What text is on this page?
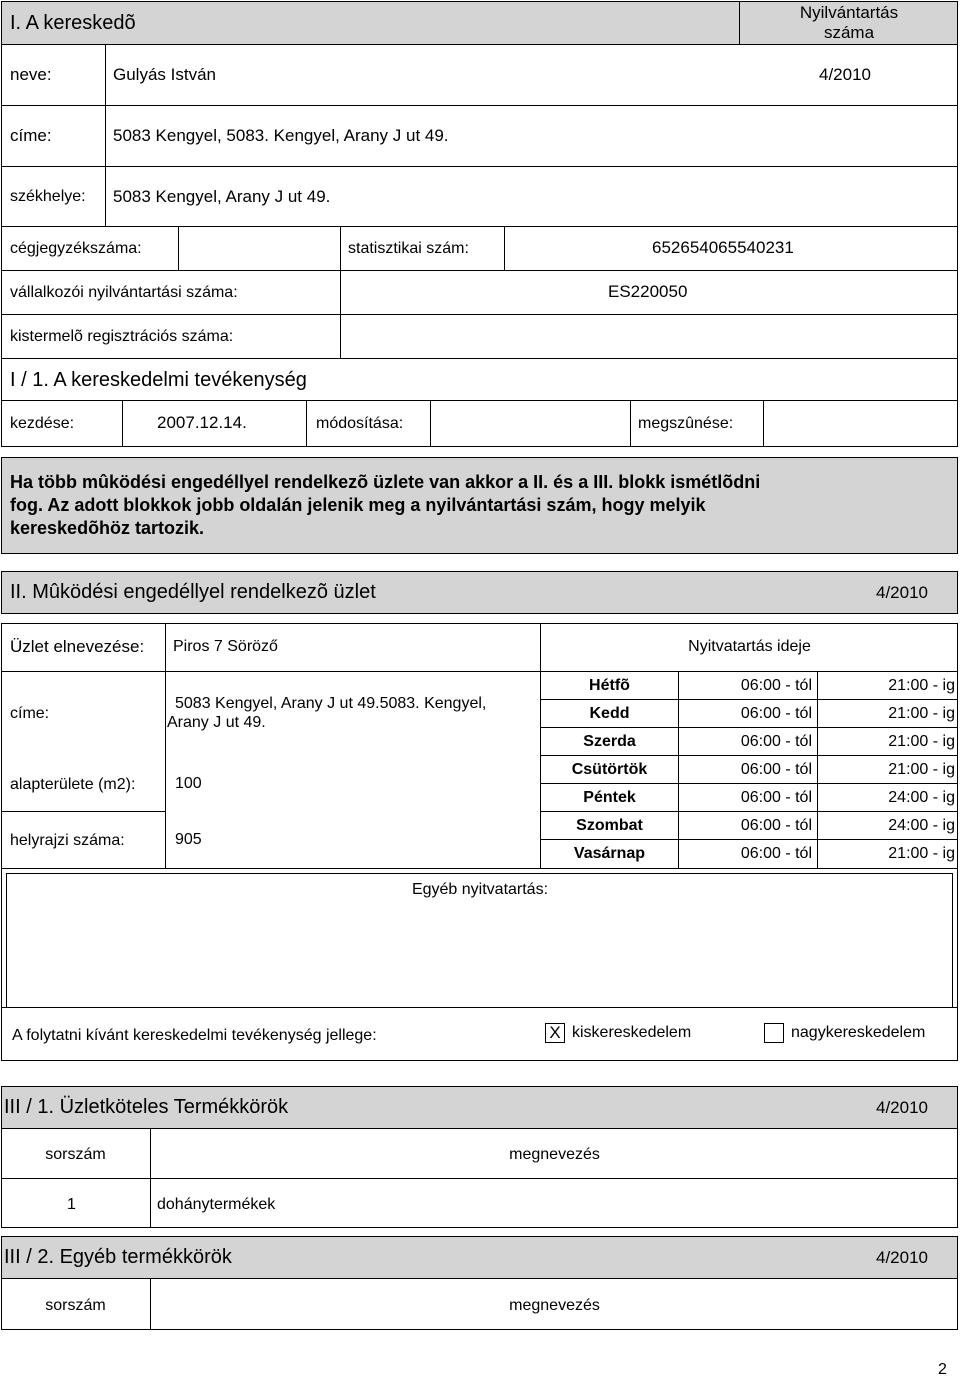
I. A kereskedõ	Nyilvántartás
száma
neve:	Gulyás István	4/2010
címe:	5083 Kengyel, 5083. Kengyel, Arany J ut 49.
székhelye: 5083 Kengyel, Arany J ut 49.
cégjegyzékszáma:	statisztikai szám:	652654065540231
vállalkozói nyilvántartási száma:	ES220050
kistermelõ regisztrációs száma:
I / 1. A kereskedelmi tevékenység
kezdése:	2007.12.14.	módosítása:	megszûnése:
Ha több mûködési engedéllyel rendelkezõ üzlete van akkor a II. és a III. blokk ismétlõdni
fog. Az adott blokkok jobb oldalán jelenik meg a nyilvántartási szám, hogy melyik
kereskedõhöz tartozik.
II. Mûködési engedéllyel rendelkezõ üzlet	4/2010
Üzlet elnevezése: Piros 7 Söröző	Nyitvatartás ideje
címe:
5083 Kengyel, Arany J ut 49.5083. Kengyel,
Arany J ut 49.
alapterülete (m2): 100
helyrajzi száma:	905
Hétfõ	06:00 - tól	21:00 - ig
Kedd	06:00 - tól	21:00 - ig
Szerda	06:00 - tól	21:00 - ig
Csütörtök	06:00 - tól	21:00 - ig
Péntek	06:00 - tól	24:00 - ig
Szombat	06:00 - tól	24:00 - ig
Vasárnap	06:00 - tól	21:00 - ig
Egyéb nyitvatartás:
A folytatni kívánt kereskedelmi tevékenység jellege:	X kiskereskedelem	nagykereskedelem
III / 1. Üzletköteles Termékkörök	4/2010
sorszám	megnevezés
1	dohánytermékek
III / 2. Egyéb termékkörök	4/2010
sorszám	megnevezés
2
